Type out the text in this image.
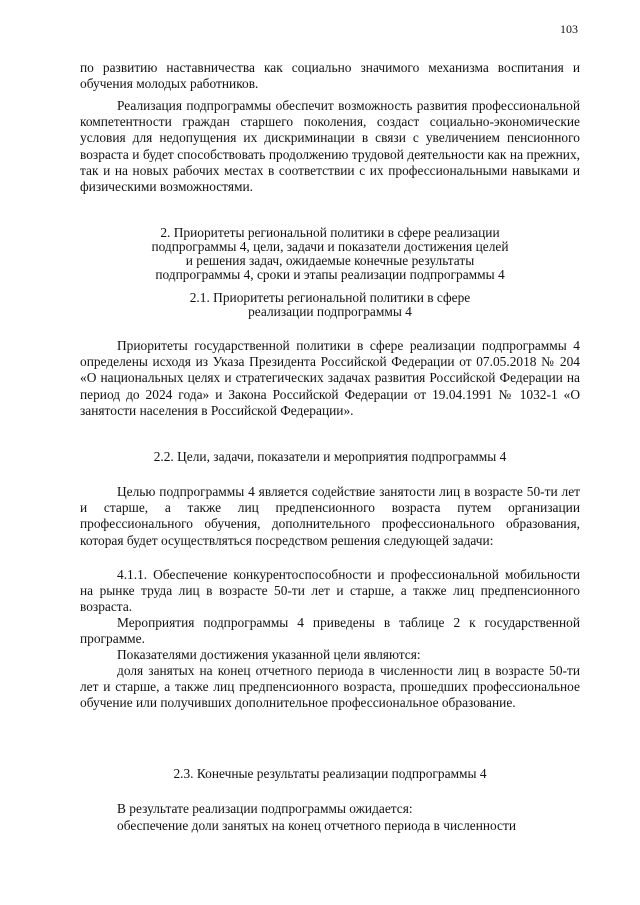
103

по развитию наставничества как социально значимого механизма воспитания и обучения молодых работников.

Реализация подпрограммы обеспечит возможность развития профессиональной компетентности граждан старшего поколения, создаст социально-экономические условия для недопущения их дискриминации в связи с увеличением пенсионного возраста и будет способствовать продолжению трудовой деятельности как на прежних, так и на новых рабочих местах в соответствии с их профессиональными навыками и физическими возможностями.

2. Приоритеты региональной политики в сфере реализации
подпрограммы 4, цели, задачи и показатели достижения целей
и решения задач, ожидаемые конечные результаты
подпрограммы 4, сроки и этапы реализации подпрограммы 4
2.1. Приоритеты региональной политики в сфере
реализации подпрограммы 4

Приоритеты государственной политики в сфере реализации подпрограммы 4 определены исходя из Указа Президента Российской Федерации от 07.05.2018 № 204 «О национальных целях и стратегических задачах развития Российской Федерации на период до 2024 года» и Закона Российской Федерации от 19.04.1991 № 1032-1 «О занятости населения в Российской Федерации».

2.2. Цели, задачи, показатели и мероприятия подпрограммы 4

Целью подпрограммы 4 является содействие занятости лиц в возрасте 50-ти лет и старше, а также лиц предпенсионного возраста путем организации профессионального обучения, дополнительного профессионального образования, которая будет осуществляться посредством решения следующей задачи:

4.1.1. Обеспечение конкурентоспособности и профессиональной мобильности на рынке труда лиц в возрасте 50-ти лет и старше, а также лиц предпенсионного возраста.

Мероприятия подпрограммы 4 приведены в таблице 2 к государственной программе.

Показателями достижения указанной цели являются:

доля занятых на конец отчетного периода в численности лиц в возрасте 50-ти лет и старше, а также лиц предпенсионного возраста, прошедших профессиональное обучение или получивших дополнительное профессиональное образование.

2.3. Конечные результаты реализации подпрограммы 4

В результате реализации подпрограммы ожидается:

обеспечение доли занятых на конец отчетного периода в численности
